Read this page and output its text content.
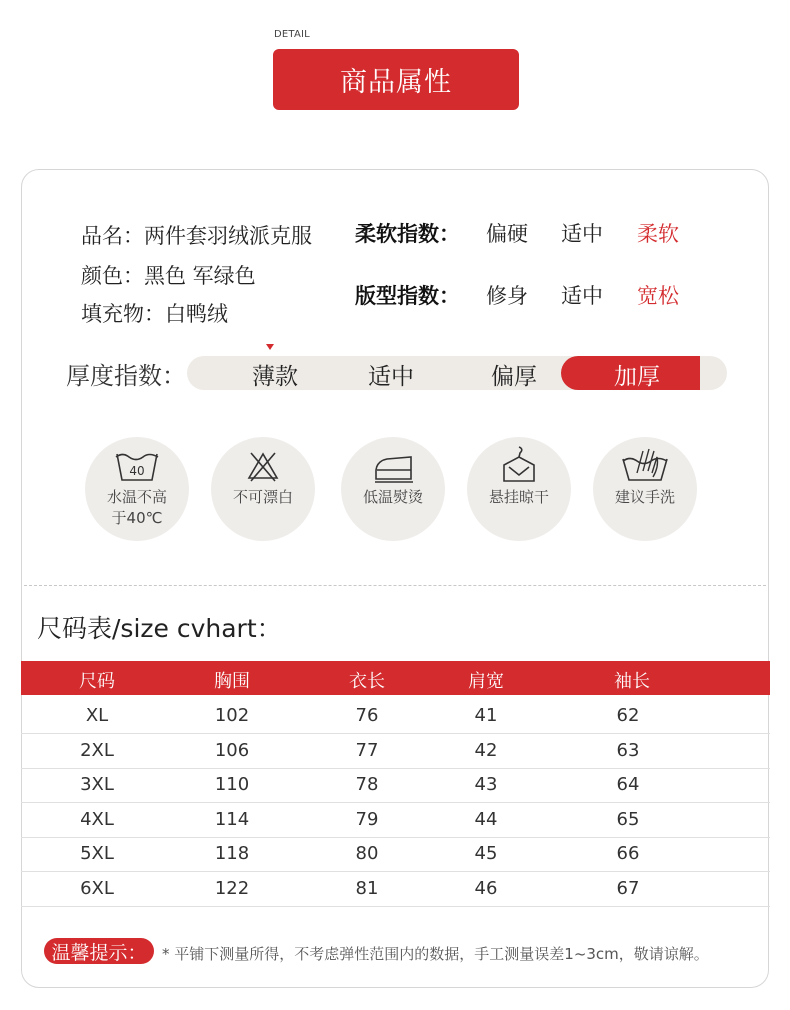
DETAIL
商品属性
品名：两件套羽绒派克服
颜色：黑色 军绿色
填充物：白鸭绒
柔软指数： 偏硬 适中 柔软
版型指数： 修身 适中 宽松
厚度指数：	薄款	适中	偏厚	加厚
40
水温不高
于40℃
不可漂白	低温熨烫	悬挂晾干	建议手洗
尺码表/size cvhart：
尺码	胸围	衣长	肩宽	袖长
XL	102	76	41	62
2XL	106	77	42	63
3XL	110	78	43	64
4XL	114	79	44	65
5XL	118	80	45	66
6XL	122	81	46	67
温馨提示：	* 平铺下测量所得，不考虑弹性范围内的数据，手工测量误差1~3cm，敬请谅解。
